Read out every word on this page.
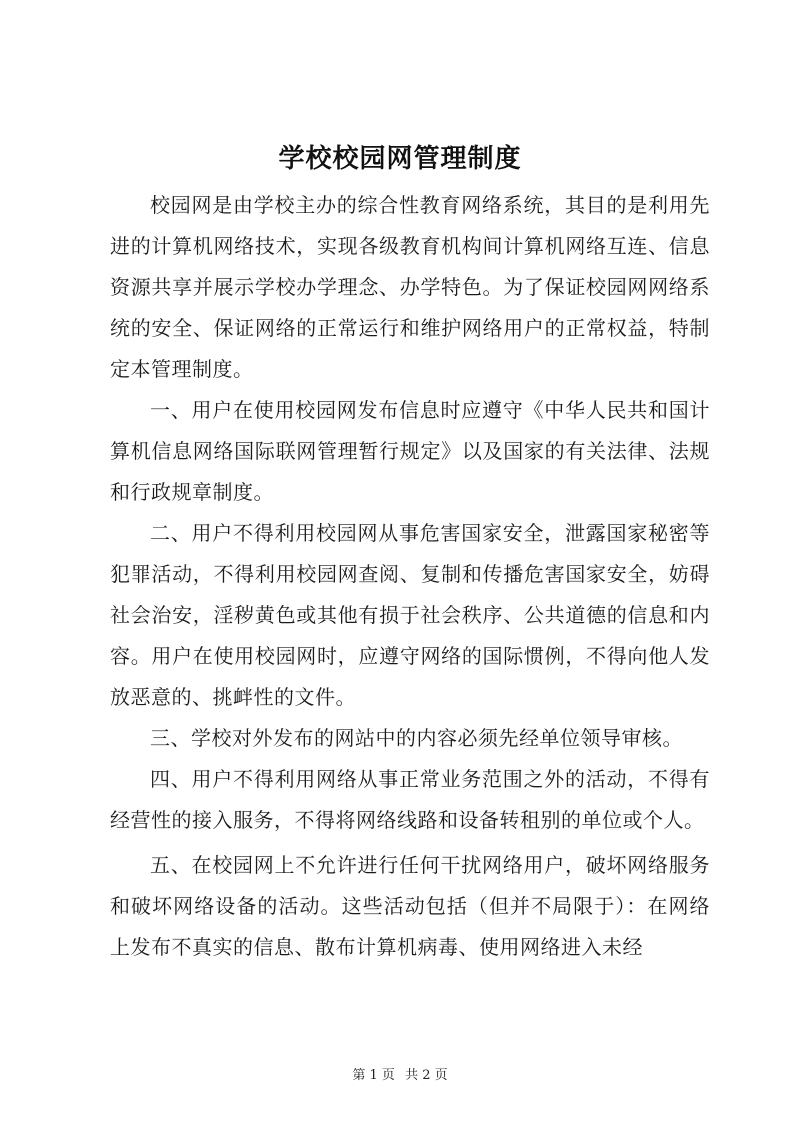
学校校园网管理制度

校园网是由学校主办的综合性教育网络系统，其目的是利用先进的计算机网络技术，实现各级教育机构间计算机网络互连、信息资源共享并展示学校办学理念、办学特色。为了保证校园网网络系统的安全、保证网络的正常运行和维护网络用户的正常权益，特制定本管理制度。

一、用户在使用校园网发布信息时应遵守《中华人民共和国计算机信息网络国际联网管理暂行规定》以及国家的有关法律、法规和行政规章制度。

二、用户不得利用校园网从事危害国家安全，泄露国家秘密等犯罪活动，不得利用校园网查阅、复制和传播危害国家安全，妨碍社会治安，淫秽黄色或其他有损于社会秩序、公共道德的信息和内容。用户在使用校园网时，应遵守网络的国际惯例，不得向他人发放恶意的、挑衅性的文件。

三、学校对外发布的网站中的内容必须先经单位领导审核。

四、用户不得利用网络从事正常业务范围之外的活动，不得有经营性的接入服务，不得将网络线路和设备转租别的单位或个人。

五、在校园网上不允许进行任何干扰网络用户，破坏网络服务和破坏网络设备的活动。这些活动包括（但并不局限于）：在网络上发布不真实的信息、散布计算机病毒、使用网络进入未经

第 1 页 共 2 页
